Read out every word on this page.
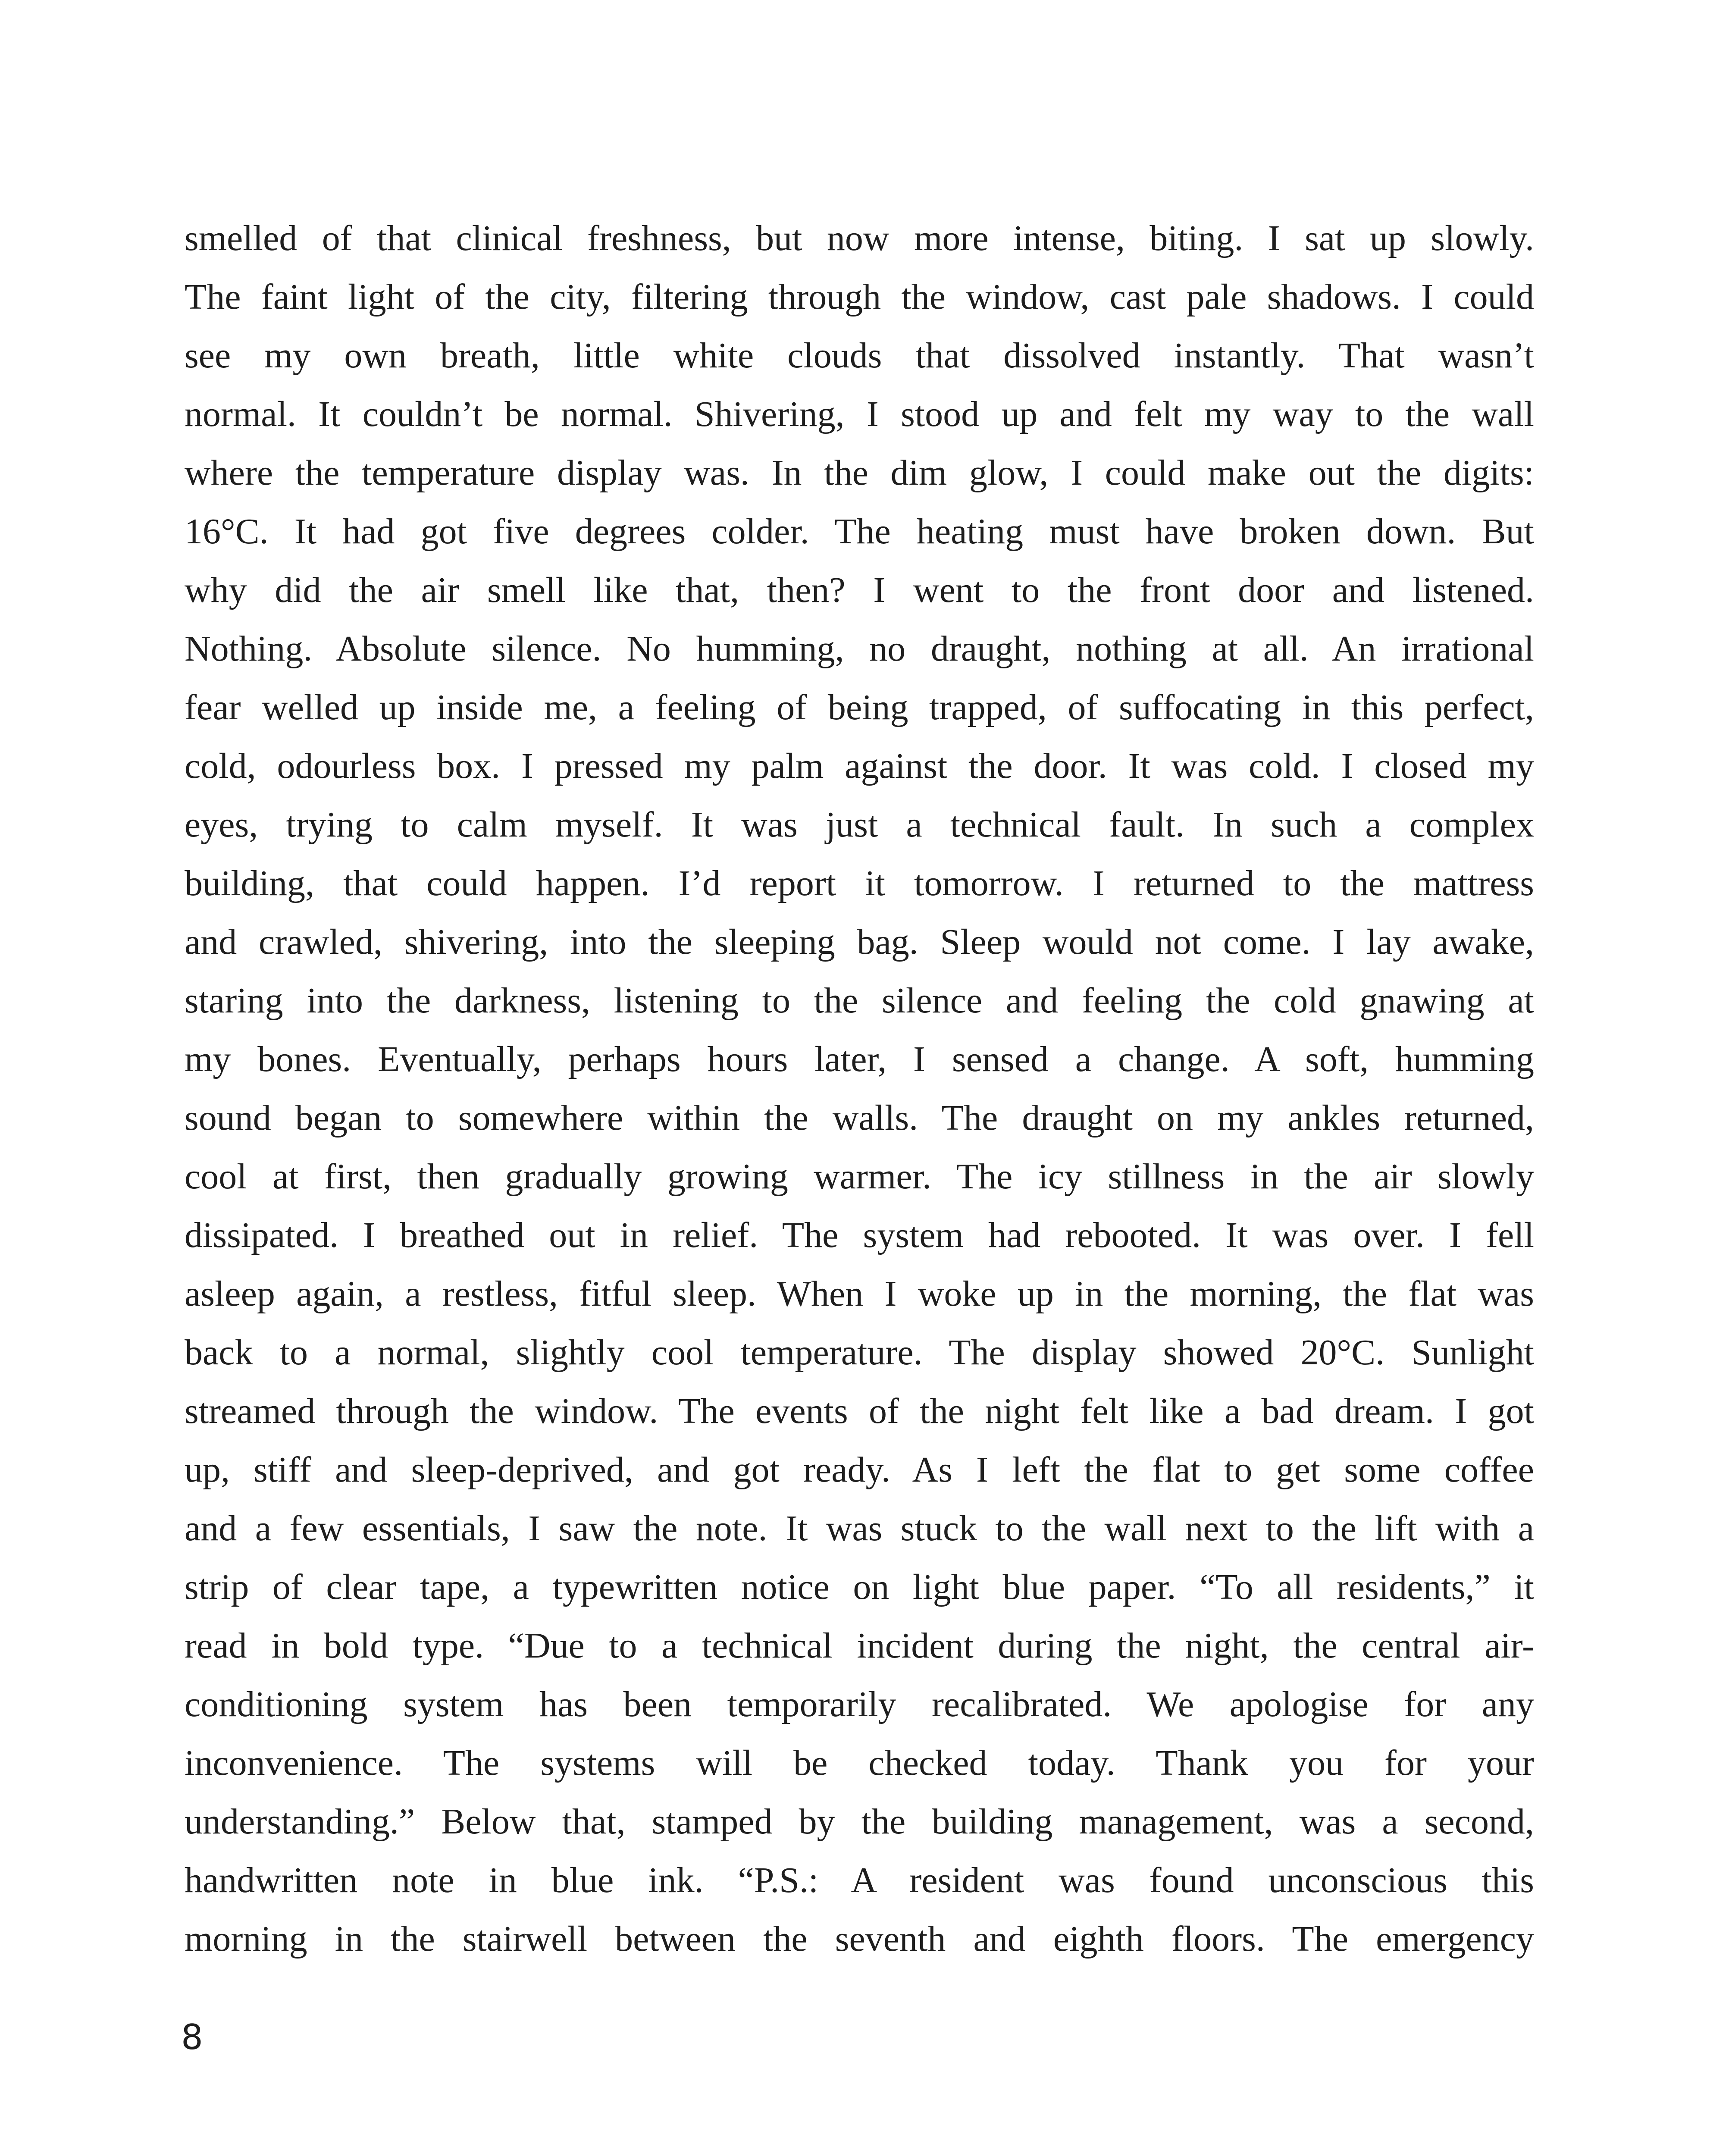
smelled of that clinical freshness, but now more intense, biting. I sat up slowly.
The faint light of the city, filtering through the window, cast pale shadows. I could
see my own breath, little white clouds that dissolved instantly. That wasn’t
normal. It couldn’t be normal. Shivering, I stood up and felt my way to the wall
where the temperature display was. In the dim glow, I could make out the digits:
16°C. It had got five degrees colder. The heating must have broken down. But
why did the air smell like that, then? I went to the front door and listened.
Nothing. Absolute silence. No humming, no draught, nothing at all. An irrational
fear welled up inside me, a feeling of being trapped, of suffocating in this perfect,
cold, odourless box. I pressed my palm against the door. It was cold. I closed my
eyes, trying to calm myself. It was just a technical fault. In such a complex
building, that could happen. I’d report it tomorrow. I returned to the mattress
and crawled, shivering, into the sleeping bag. Sleep would not come. I lay awake,
staring into the darkness, listening to the silence and feeling the cold gnawing at
my bones. Eventually, perhaps hours later, I sensed a change. A soft, humming
sound began to somewhere within the walls. The draught on my ankles returned,
cool at first, then gradually growing warmer. The icy stillness in the air slowly
dissipated. I breathed out in relief. The system had rebooted. It was over. I fell
asleep again, a restless, fitful sleep. When I woke up in the morning, the flat was
back to a normal, slightly cool temperature. The display showed 20°C. Sunlight
streamed through the window. The events of the night felt like a bad dream. I got
up, stiff and sleep-deprived, and got ready. As I left the flat to get some coffee
and a few essentials, I saw the note. It was stuck to the wall next to the lift with a
strip of clear tape, a typewritten notice on light blue paper. “To all residents,” it
read in bold type. “Due to a technical incident during the night, the central air-
conditioning system has been temporarily recalibrated. We apologise for any
inconvenience. The systems will be checked today. Thank you for your
understanding.” Below that, stamped by the building management, was a second,
handwritten note in blue ink. “P.S.: A resident was found unconscious this
morning in the stairwell between the seventh and eighth floors. The emergency
8
